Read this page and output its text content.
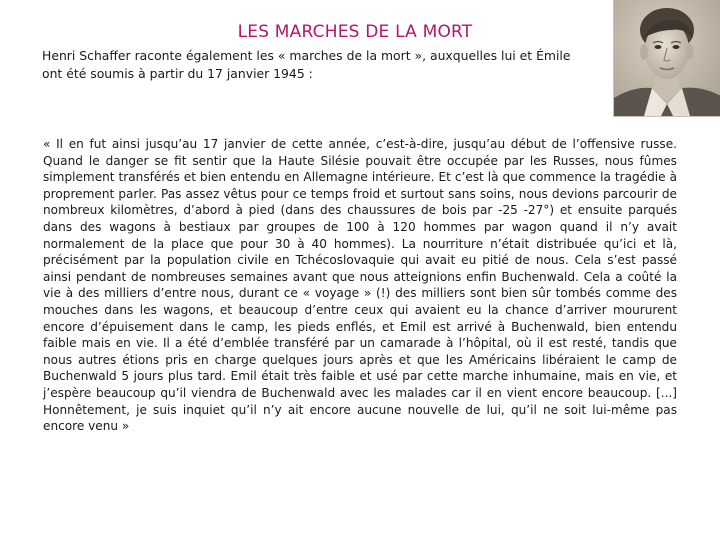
LES MARCHES DE LA MORT
Henri Schaffer raconte également les « marches de la mort », auxquelles lui et Émile ont été soumis à partir du 17 janvier 1945 :
« Il en fut ainsi jusqu’au 17 janvier de cette année, c’est-à-dire, jusqu’au début de l’offensive russe. Quand le danger se fit sentir que la Haute Silésie pouvait être occupée par les Russes, nous fûmes simplement transférés et bien entendu en Allemagne intérieure. Et c’est là que commence la tragédie à proprement parler. Pas assez vêtus pour ce temps froid et surtout sans soins, nous devions parcourir de nombreux kilomètres, d’abord à pied (dans des chaussures de bois par -25 -27°) et ensuite parqués dans des wagons à bestiaux par groupes de 100 à 120 hommes par wagon quand il n’y avait normalement de la place que pour 30 à 40 hommes). La nourriture n’était distribuée qu’ici et là, précisément par la population civile en Tchécoslovaquie qui avait eu pitié de nous. Cela s’est passé ainsi pendant de nombreuses semaines avant que nous atteignions enfin Buchenwald. Cela a coûté la vie à des milliers d’entre nous, durant ce « voyage » (!) des milliers sont bien sûr tombés comme des mouches dans les wagons, et beaucoup d’entre ceux qui avaient eu la chance d’arriver moururent encore d’épuisement dans le camp, les pieds enflés, et Emil est arrivé à Buchenwald, bien entendu faible mais en vie. Il a été d’emblée transféré par un camarade à l’hôpital, où il est resté, tandis que nous autres étions pris en charge quelques jours après et que les Américains libéraient le camp de Buchenwald 5 jours plus tard. Emil était très faible et usé par cette marche inhumaine, mais en vie, et j’espère beaucoup qu’il viendra de Buchenwald avec les malades car il en vient encore beaucoup. [...] Honnêtement, je suis inquiet qu’il n’y ait encore aucune nouvelle de lui, qu’il ne soit lui-même pas encore venu »
